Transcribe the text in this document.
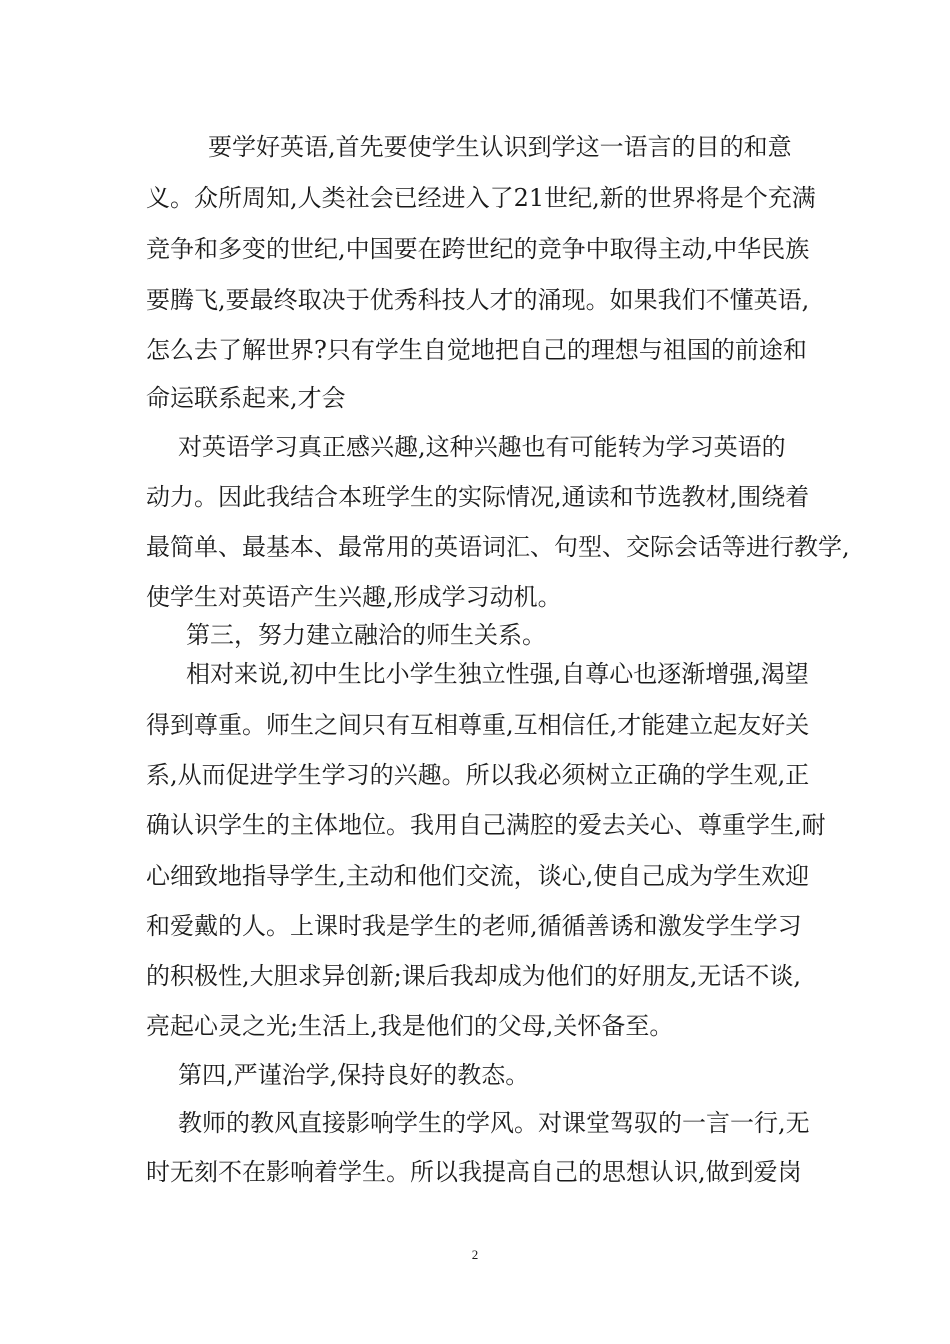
要学好英语,首先要使学生认识到学这一语言的目的和意
义。众所周知,人类社会已经进入了21世纪,新的世界将是个充满
竞争和多变的世纪,中国要在跨世纪的竞争中取得主动,中华民族
要腾飞,要最终取决于优秀科技人才的涌现。如果我们不懂英语,
怎么去了解世界?只有学生自觉地把自己的理想与祖国的前途和
命运联系起来,才会
对英语学习真正感兴趣,这种兴趣也有可能转为学习英语的
动力。因此我结合本班学生的实际情况,通读和节选教材,围绕着
最简单、最基本、最常用的英语词汇、句型、交际会话等进行教学,
使学生对英语产生兴趣,形成学习动机。
第三，努力建立融洽的师生关系。
相对来说,初中生比小学生独立性强,自尊心也逐渐增强,渴望
得到尊重。师生之间只有互相尊重,互相信任,才能建立起友好关
系,从而促进学生学习的兴趣。所以我必须树立正确的学生观,正
确认识学生的主体地位。我用自己满腔的爱去关心、尊重学生,耐
心细致地指导学生,主动和他们交流，谈心,使自己成为学生欢迎
和爱戴的人。上课时我是学生的老师,循循善诱和激发学生学习
的积极性,大胆求异创新;课后我却成为他们的好朋友,无话不谈,
亮起心灵之光;生活上,我是他们的父母,关怀备至。
第四,严谨治学,保持良好的教态。
教师的教风直接影响学生的学风。对课堂驾驭的一言一行,无
时无刻不在影响着学生。所以我提高自己的思想认识,做到爱岗
2
